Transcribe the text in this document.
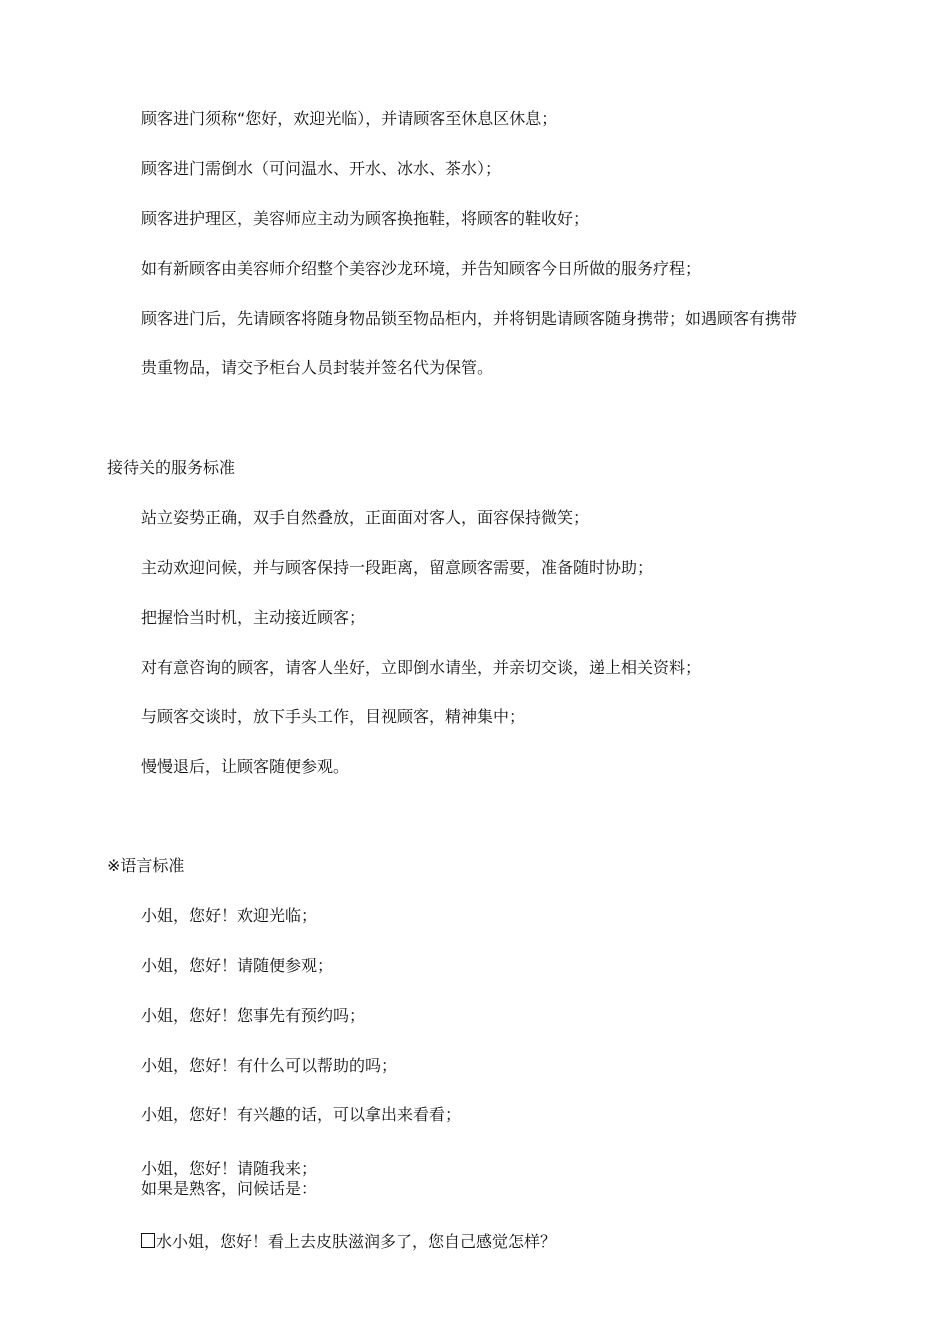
顾客进门须称“您好，欢迎光临），并请顾客至休息区休息；
顾客进门需倒水（可问温水、开水、冰水、茶水）；
顾客进护理区，美容师应主动为顾客换拖鞋，将顾客的鞋收好；
如有新顾客由美容师介绍整个美容沙龙环境，并告知顾客今日所做的服务疗程；
顾客进门后，先请顾客将随身物品锁至物品柜内，并将钥匙请顾客随身携带；如遇顾客有携带
贵重物品，请交予柜台人员封装并签名代为保管。
接待关的服务标准
站立姿势正确，双手自然叠放，正面面对客人，面容保持微笑；
主动欢迎问候，并与顾客保持一段距离，留意顾客需要，准备随时协助；
把握恰当时机，主动接近顾客；
对有意咨询的顾客，请客人坐好，立即倒水请坐，并亲切交谈，递上相关资料；
与顾客交谈时，放下手头工作，目视顾客，精神集中；
慢慢退后，让顾客随便参观。
※语言标准
小姐，您好！欢迎光临；
小姐，您好！请随便参观；
小姐，您好！您事先有预约吗；
小姐，您好！有什么可以帮助的吗；
小姐，您好！有兴趣的话，可以拿出来看看；
小姐，您好！请随我来；
如果是熟客，问候话是：
水小姐，您好！看上去皮肤滋润多了，您自己感觉怎样？
